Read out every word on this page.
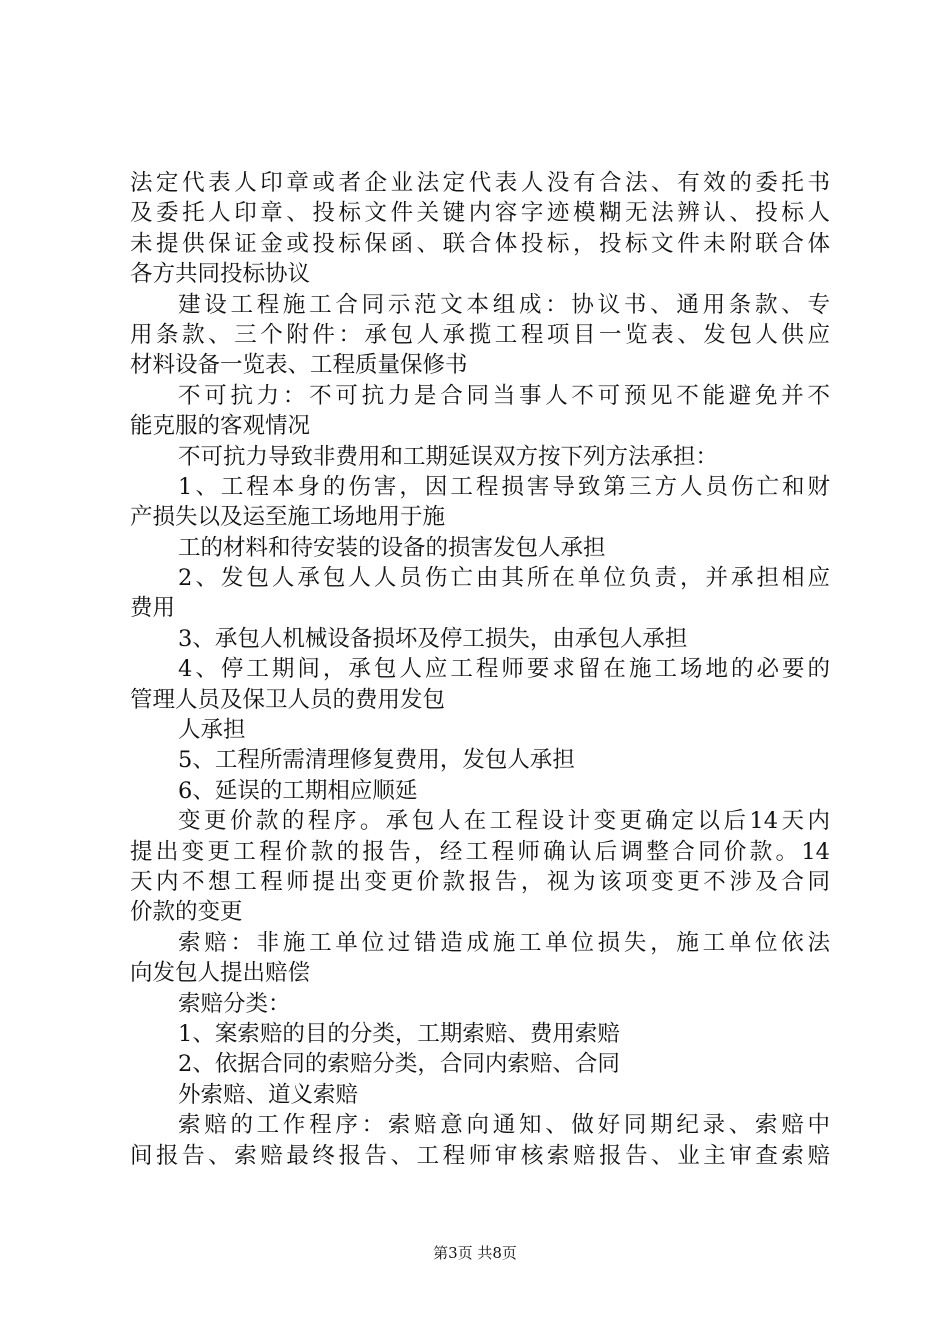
法定代表人印章或者企业法定代表人没有合法、有效的委托书
及委托人印章、投标文件关键内容字迹模糊无法辨认、投标人
未提供保证金或投标保函、联合体投标，投标文件未附联合体
各方共同投标协议
建设工程施工合同示范文本组成：协议书、通用条款、专
用条款、三个附件：承包人承揽工程项目一览表、发包人供应
材料设备一览表、工程质量保修书
不可抗力：不可抗力是合同当事人不可预见不能避免并不
能克服的客观情况
不可抗力导致非费用和工期延误双方按下列方法承担：
1、工程本身的伤害，因工程损害导致第三方人员伤亡和财
产损失以及运至施工场地用于施
工的材料和待安装的设备的损害发包人承担
2、发包人承包人人员伤亡由其所在单位负责，并承担相应
费用
3、承包人机械设备损坏及停工损失，由承包人承担
4、停工期间，承包人应工程师要求留在施工场地的必要的
管理人员及保卫人员的费用发包
人承担
5、工程所需清理修复费用，发包人承担
6、延误的工期相应顺延
变更价款的程序。承包人在工程设计变更确定以后14天内
提出变更工程价款的报告，经工程师确认后调整合同价款。14
天内不想工程师提出变更价款报告，视为该项变更不涉及合同
价款的变更
索赔：非施工单位过错造成施工单位损失，施工单位依法
向发包人提出赔偿
索赔分类：
1、案索赔的目的分类，工期索赔、费用索赔
2、依据合同的索赔分类，合同内索赔、合同
外索赔、道义索赔
索赔的工作程序：索赔意向通知、做好同期纪录、索赔中
间报告、索赔最终报告、工程师审核索赔报告、业主审查索赔
第3页 共8页
